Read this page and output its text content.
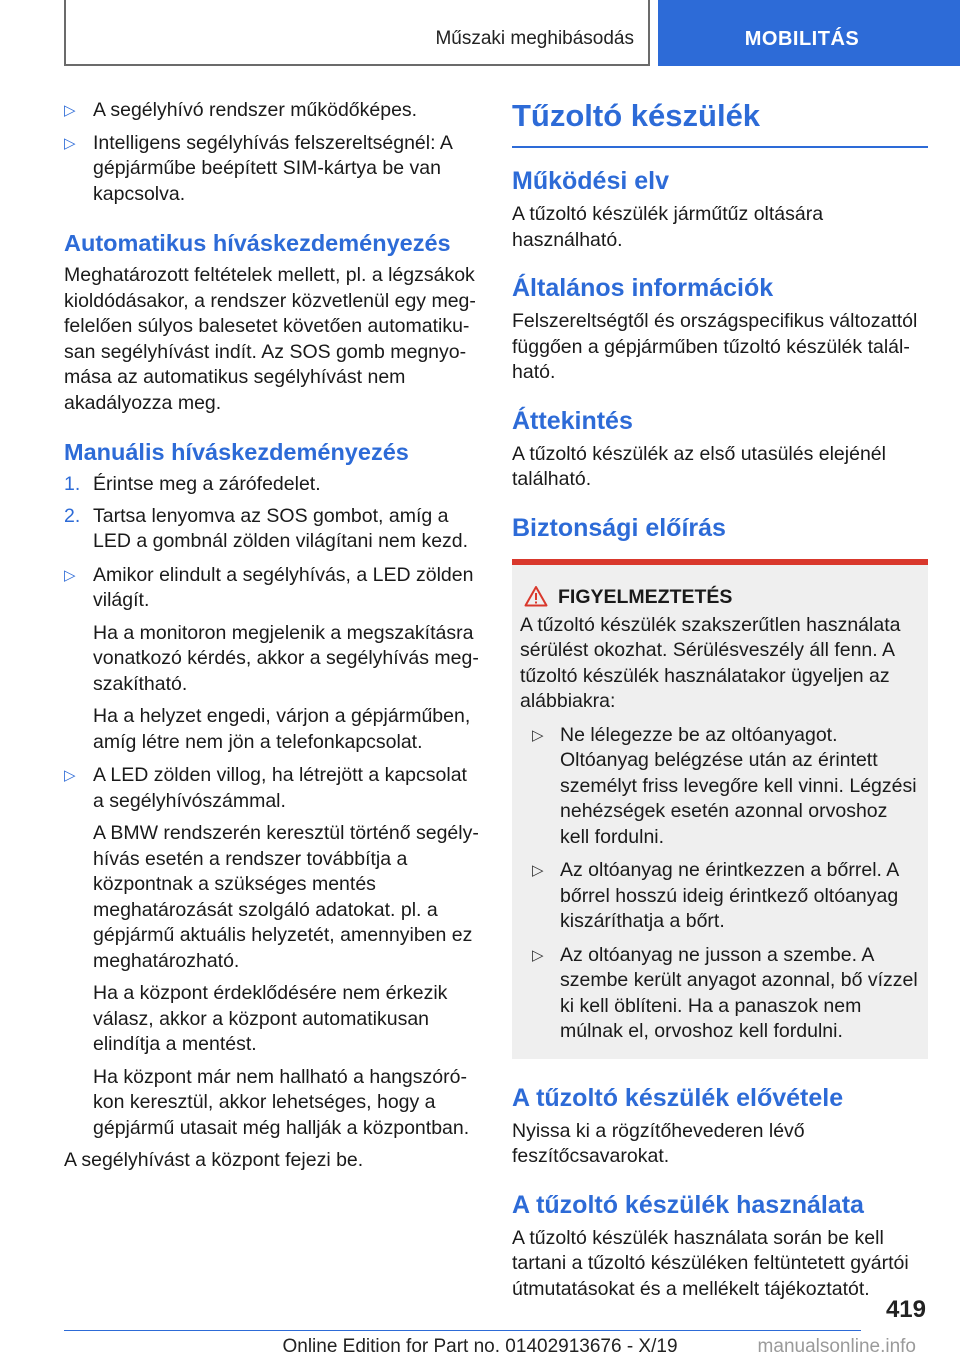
Műszaki meghibásodás	MOBILITÁS
▷ A segélyhívó rendszer működőképes.

▷ Intelligens segélyhívás felszereltségnél: A gépjárműbe beépített SIM-kártya be van kapcsolva.

Automatikus híváskezdeményezés

Meghatározott feltételek mellett, pl. a légzsákok kioldódásakor, a rendszer közvetlenül egy megfelelően súlyos balesetet követően automatikusan segélyhívást indít. Az SOS gomb megnyomása az automatikus segélyhívást nem akadályozza meg.

Manuális híváskezdeményezés
1. Érintse meg a zárófedelet.

2. Tartsa lenyomva az SOS gombot, amíg a LED a gombnál zölden világítani nem kezd.

▷ Amikor elindult a segélyhívás, a LED zölden világít.

Ha a monitoron megjelenik a megszakításra vonatkozó kérdés, akkor a segélyhívás megszakítható.

Ha a helyzet engedi, várjon a gépjárműben, amíg létre nem jön a telefonkapcsolat.

▷ A LED zölden villog, ha létrejött a kapcsolat a segélyhívószámmal.

A BMW rendszerén keresztül történő segélyhívás esetén a rendszer továbbítja a központnak a szükséges mentés meghatározását szolgáló adatokat. pl. a gépjármű aktuális helyzetét, amennyiben ez meghatározható.

Ha a központ érdeklődésére nem érkezik válasz, akkor a központ automatikusan elindítja a mentést.

Ha központ már nem hallható a hangszórókon keresztül, akkor lehetséges, hogy a gépjármű utasait még hallják a központban.

A segélyhívást a központ fejezi be.

Tűzoltó készülék
Működési elv

A tűzoltó készülék járműtűz oltására használható.

Általános információk

Felszereltségtől és országspecifikus változattól függően a gépjárműben tűzoltó készülék található.

Áttekintés

A tűzoltó készülék az első utasülés elejénél található.

Biztonsági előírás
FIGYELMEZTETÉS

A tűzoltó készülék szakszerűtlen használata sérülést okozhat. Sérülésveszély áll fenn. A tűzoltó készülék használatakor ügyeljen az alábbiakra:

▷ Ne lélegezze be az oltóanyagot. Oltóanyag belégzése után az érintett személyt friss levegőre kell vinni. Légzési nehézségek esetén azonnal orvoshoz kell fordulni.

▷ Az oltóanyag ne érintkezzen a bőrrel. A bőrrel hosszú ideig érintkező oltóanyag kiszáríthatja a bőrt.

▷ Az oltóanyag ne jusson a szembe. A szembe került anyagot azonnal, bő vízzel ki kell öblíteni. Ha a panaszok nem múlnak el, orvoshoz kell fordulni.

A tűzoltó készülék elővétele

Nyissa ki a rögzítőhevederen lévő feszítőcsavarokat.

A tűzoltó készülék használata

A tűzoltó készülék használata során be kell tartani a tűzoltó készüléken feltüntetett gyártói útmutatásokat és a mellékelt tájékoztatót.

419
Online Edition for Part no. 01402913676 - X/19	manualsonline.info
